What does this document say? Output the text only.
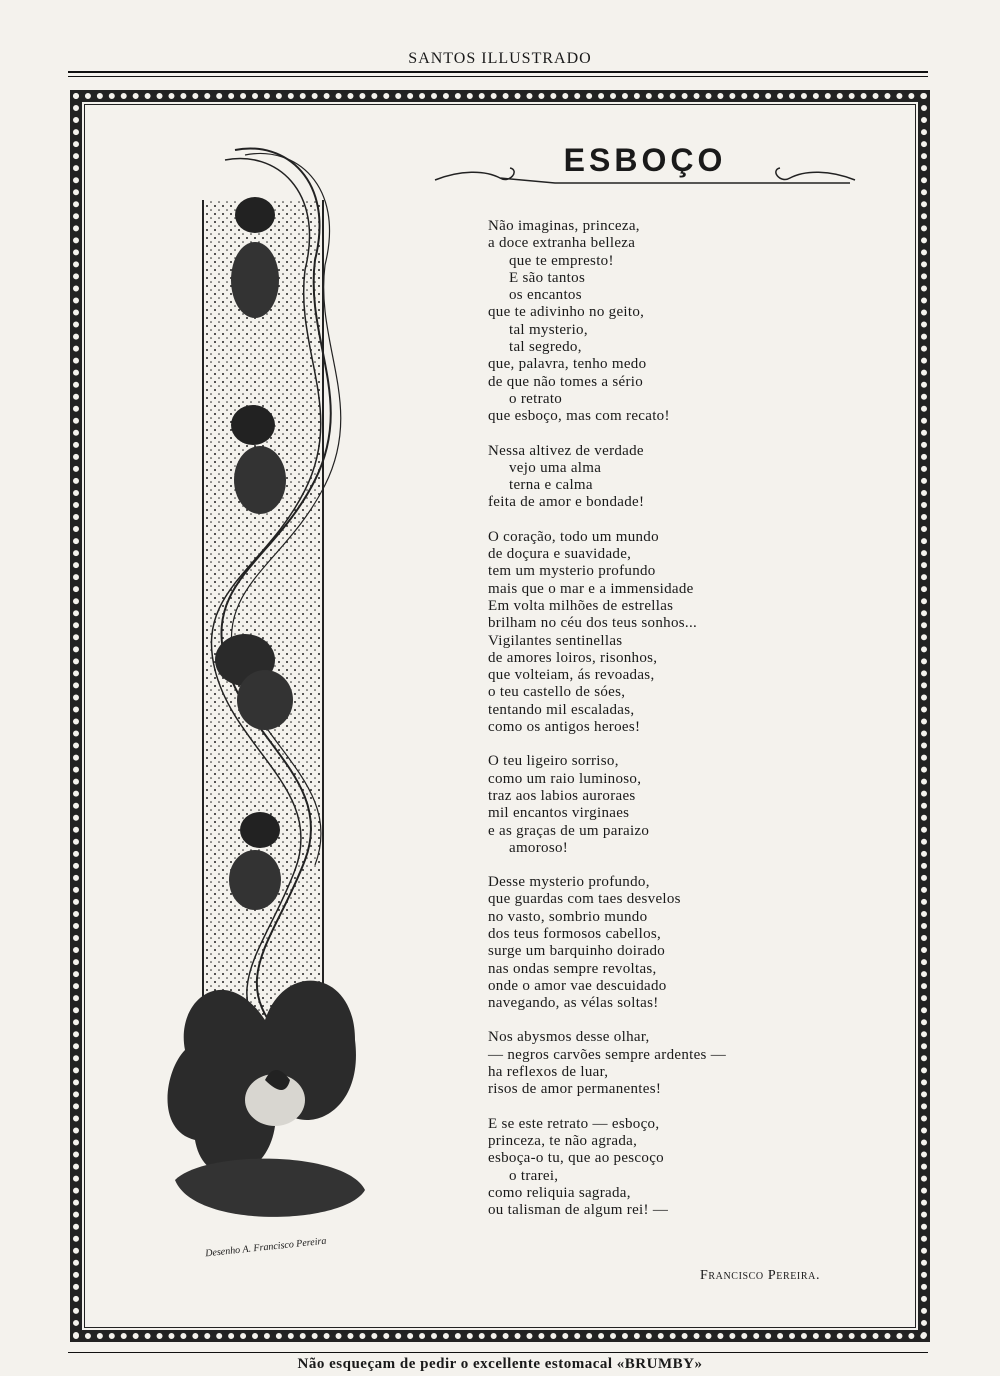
SANTOS ILLUSTRADO
Desenho A. Francisco Pereira
ESBOÇO
Não imaginas, princeza,
a doce extranha belleza
que te empresto!
E são tantos
os encantos
que te adivinho no geito,
tal mysterio,
tal segredo,
que, palavra, tenho medo
de que não tomes a sério
o retrato
que esboço, mas com recato!
Nessa altivez de verdade
vejo uma alma
terna e calma
feita de amor e bondade!
O coração, todo um mundo
de doçura e suavidade,
tem um mysterio profundo
mais que o mar e a immensidade
Em volta milhões de estrellas
brilham no céu dos teus sonhos...
Vigilantes sentinellas
de amores loiros, risonhos,
que volteiam, ás revoadas,
o teu castello de sóes,
tentando mil escaladas,
como os antigos heroes!
O teu ligeiro sorriso,
como um raio luminoso,
traz aos labios auroraes
mil encantos virginaes
e as graças de um paraizo
amoroso!
Desse mysterio profundo,
que guardas com taes desvelos
no vasto, sombrio mundo
dos teus formosos cabellos,
surge um barquinho doirado
nas ondas sempre revoltas,
onde o amor vae descuidado
navegando, as vélas soltas!
Nos abysmos desse olhar,
— negros carvões sempre ardentes —
ha reflexos de luar,
risos de amor permanentes!
E se este retrato — esboço,
princeza, te não agrada,
esboça-o tu, que ao pescoço
o trarei,
como reliquia sagrada,
ou talisman de algum rei! —
Francisco Pereira.
Não esqueçam de pedir o excellente estomacal «BRUMBY»
